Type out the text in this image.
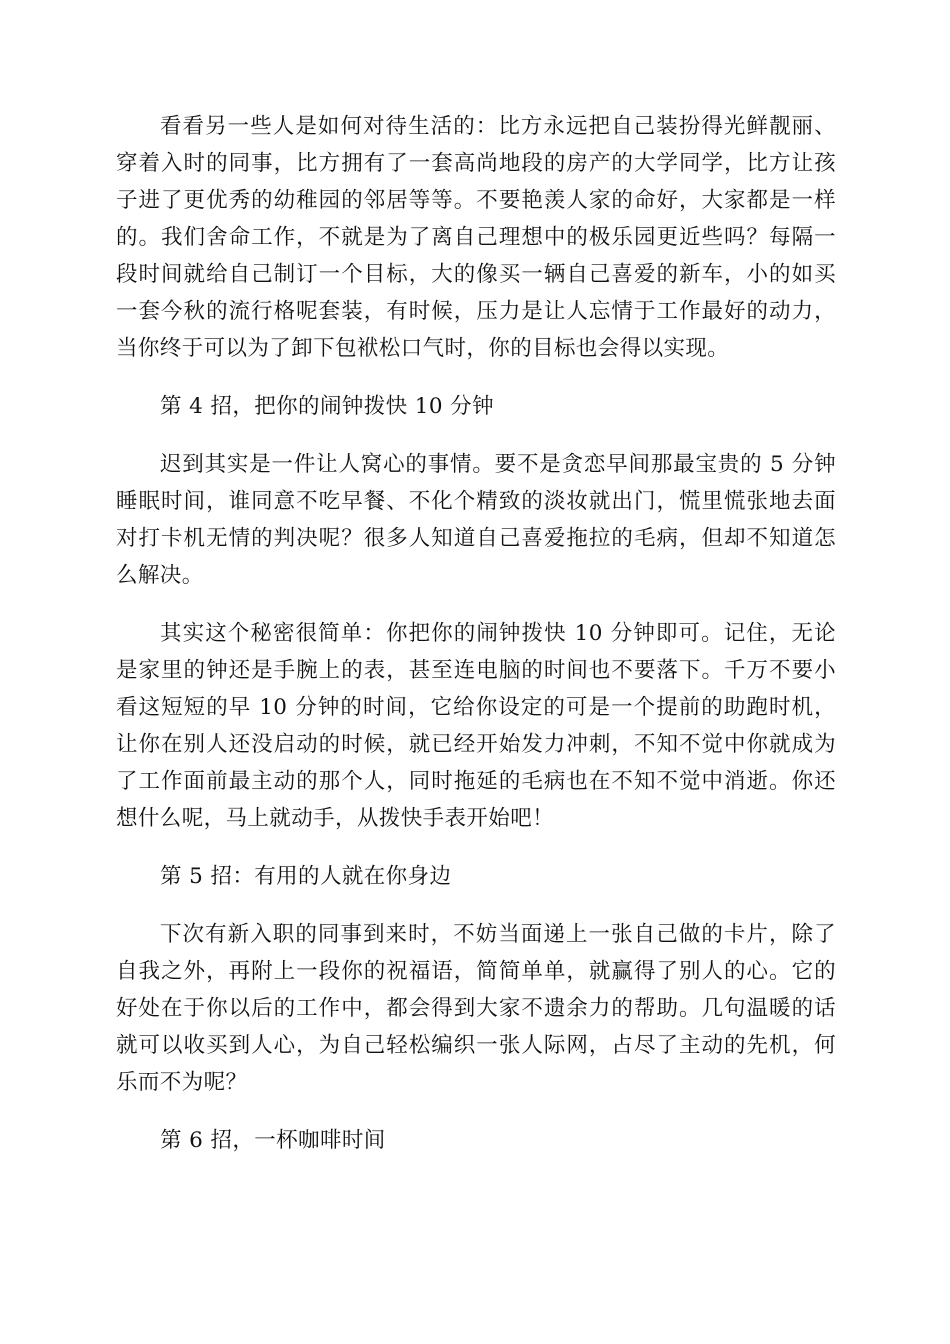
看看另一些人是如何对待生活的：比方永远把自己装扮得光鲜靓丽、穿着入时的同事，比方拥有了一套高尚地段的房产的大学同学，比方让孩子进了更优秀的幼稚园的邻居等等。不要艳羡人家的命好，大家都是一样的。我们舍命工作，不就是为了离自己理想中的极乐园更近些吗？每隔一段时间就给自己制订一个目标，大的像买一辆自己喜爱的新车，小的如买一套今秋的流行格呢套装，有时候，压力是让人忘情于工作最好的动力，当你终于可以为了卸下包袱松口气时，你的目标也会得以实现。

第 4 招，把你的闹钟拨快 10 分钟

迟到其实是一件让人窝心的事情。要不是贪恋早间那最宝贵的 5 分钟睡眠时间，谁同意不吃早餐、不化个精致的淡妆就出门，慌里慌张地去面对打卡机无情的判决呢？很多人知道自己喜爱拖拉的毛病，但却不知道怎么解决。

其实这个秘密很简单：你把你的闹钟拨快 10 分钟即可。记住，无论是家里的钟还是手腕上的表，甚至连电脑的时间也不要落下。千万不要小看这短短的早 10 分钟的时间，它给你设定的可是一个提前的助跑时机，让你在别人还没启动的时候，就已经开始发力冲刺，不知不觉中你就成为了工作面前最主动的那个人，同时拖延的毛病也在不知不觉中消逝。你还想什么呢，马上就动手，从拨快手表开始吧！

第 5 招：有用的人就在你身边

下次有新入职的同事到来时，不妨当面递上一张自己做的卡片，除了自我之外，再附上一段你的祝福语，简简单单，就赢得了别人的心。它的好处在于你以后的工作中，都会得到大家不遗余力的帮助。几句温暖的话就可以收买到人心，为自己轻松编织一张人际网，占尽了主动的先机，何乐而不为呢？

第 6 招，一杯咖啡时间
